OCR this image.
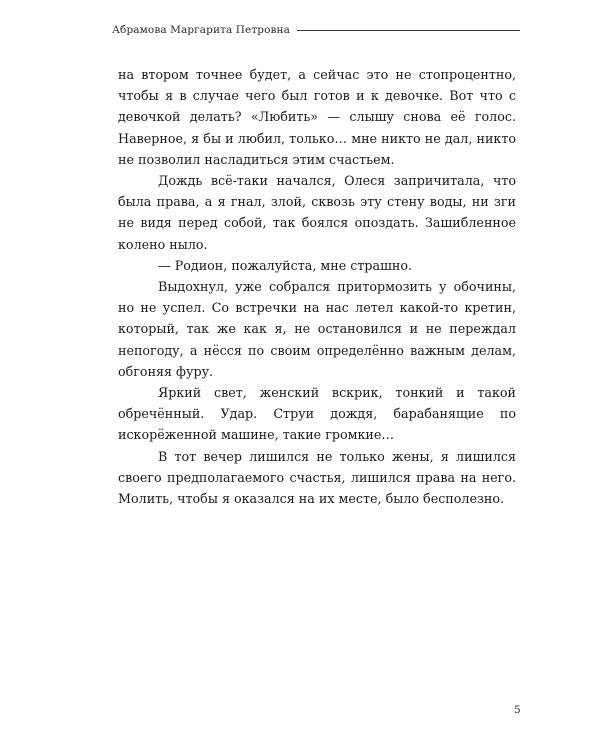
Абрамова Маргарита Петровна

на втором точнее будет, а сейчас это не стопроцентно, чтобы я в случае чего был готов и к девочке. Вот что с девочкой делать? «Любить» — слышу снова её голос. Наверное, я бы и любил, только… мне никто не дал, никто не позволил насладиться этим счастьем.

Дождь всё-таки начался, Олеся запричитала, что была права, а я гнал, злой, сквозь эту стену воды, ни зги не видя перед собой, так боялся опоздать. Зашибленное колено ныло.

— Родион, пожалуйста, мне страшно.

Выдохнул, уже собрался притормозить у обочины, но не успел. Со встречки на нас летел какой-то кретин, который, так же как я, не остановился и не переждал непогоду, а нёсся по своим определённо важным делам, обгоняя фуру.

Яркий свет, женский вскрик, тонкий и такой обречённый. Удар. Струи дождя, барабанящие по искорёженной машине, такие громкие…

В тот вечер лишился не только жены, я лишился своего предполагаемого счастья, лишился права на него. Молить, чтобы я оказался на их месте, было бесполезно.

5
